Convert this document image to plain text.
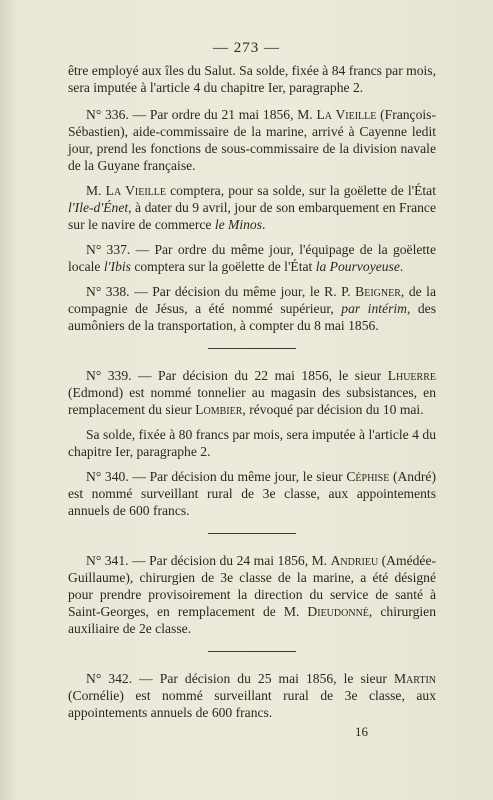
— 273 —

être employé aux îles du Salut. Sa solde, fixée à 84 francs par mois, sera imputée à l'article 4 du chapitre Ier, paragraphe 2.

N° 336. — Par ordre du 21 mai 1856, M. La Vieille (François-Sébastien), aide-commissaire de la marine, arrivé à Cayenne ledit jour, prend les fonctions de sous-commissaire de la division navale de la Guyane française.

M. La Vieille comptera, pour sa solde, sur la goëlette de l'État l'Ile-d'Énet, à dater du 9 avril, jour de son embarquement en France sur le navire de commerce le Minos.

N° 337. — Par ordre du même jour, l'équipage de la goëlette locale l'Ibis comptera sur la goëlette de l'État la Pourvoyeuse.

N° 338. — Par décision du même jour, le R. P. Beigner, de la compagnie de Jésus, a été nommé supérieur, par intérim, des aumôniers de la transportation, à compter du 8 mai 1856.

N° 339. — Par décision du 22 mai 1856, le sieur Lhuerre (Edmond) est nommé tonnelier au magasin des subsistances, en remplacement du sieur Lombier, révoqué par décision du 10 mai.

Sa solde, fixée à 80 francs par mois, sera imputée à l'article 4 du chapitre Ier, paragraphe 2.

N° 340. — Par décision du même jour, le sieur Céphise (André) est nommé surveillant rural de 3e classe, aux appointements annuels de 600 francs.

N° 341. — Par décision du 24 mai 1856, M. Andrieu (Amédée-Guillaume), chirurgien de 3e classe de la marine, a été désigné pour prendre provisoirement la direction du service de santé à Saint-Georges, en remplacement de M. Dieudonné, chirurgien auxiliaire de 2e classe.

N° 342. — Par décision du 25 mai 1856, le sieur Martin (Cornélie) est nommé surveillant rural de 3e classe, aux appointements annuels de 600 francs.

16
